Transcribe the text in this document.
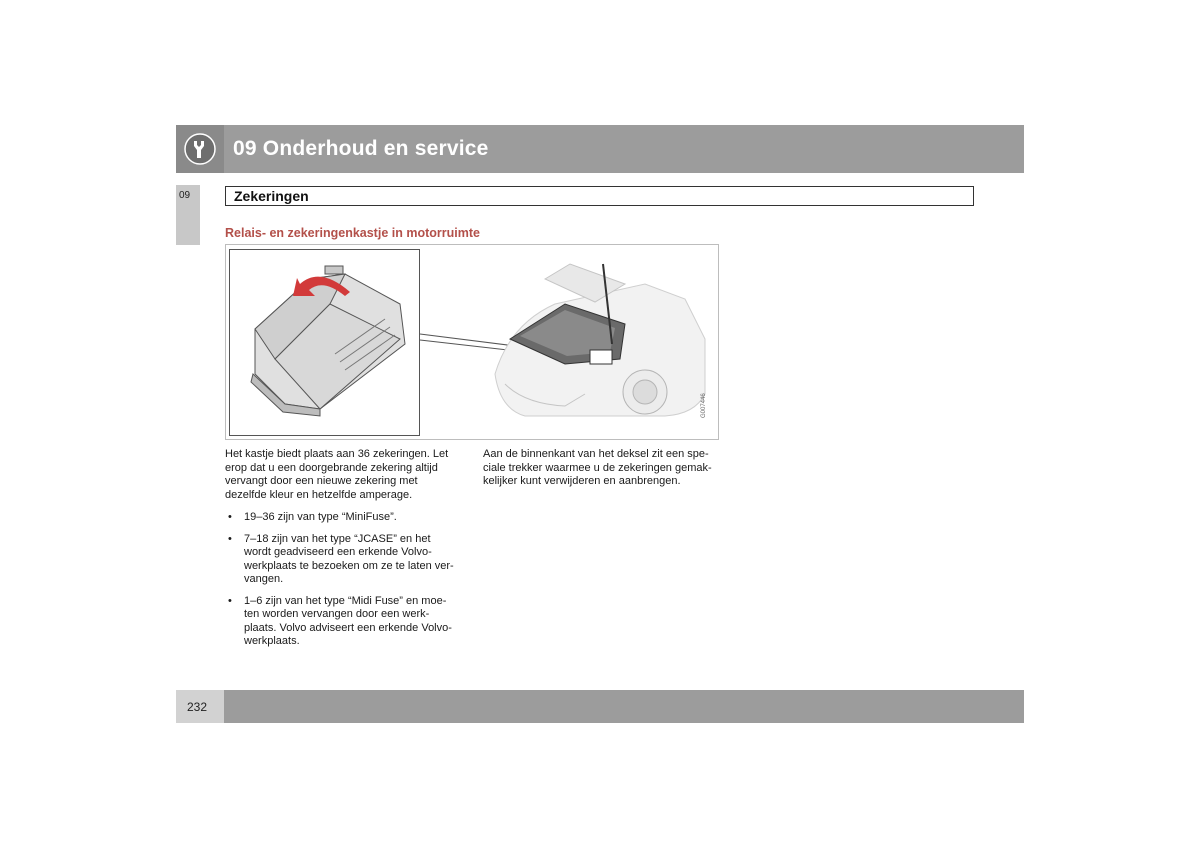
09 Onderhoud en service
09	Zekeringen
Relais- en zekeringenkastje in motorruimte
G007446

Het kastje biedt plaats aan 36 zekeringen. Let
erop dat u een doorgebrande zekering altijd
vervangt door een nieuwe zekering met
dezelfde kleur en hetzelfde amperage.

• 19–36 zijn van type “MiniFuse”.
• 7–18 zijn van het type “JCASE” en het
wordt geadviseerd een erkende Volvo-
werkplaats te bezoeken om ze te laten ver-
vangen.
• 1–6 zijn van het type “Midi Fuse” en moe-
ten worden vervangen door een werk-
plaats. Volvo adviseert een erkende Volvo-
werkplaats.

Aan de binnenkant van het deksel zit een spe-
ciale trekker waarmee u de zekeringen gemak-
kelijker kunt verwijderen en aanbrengen.

232
